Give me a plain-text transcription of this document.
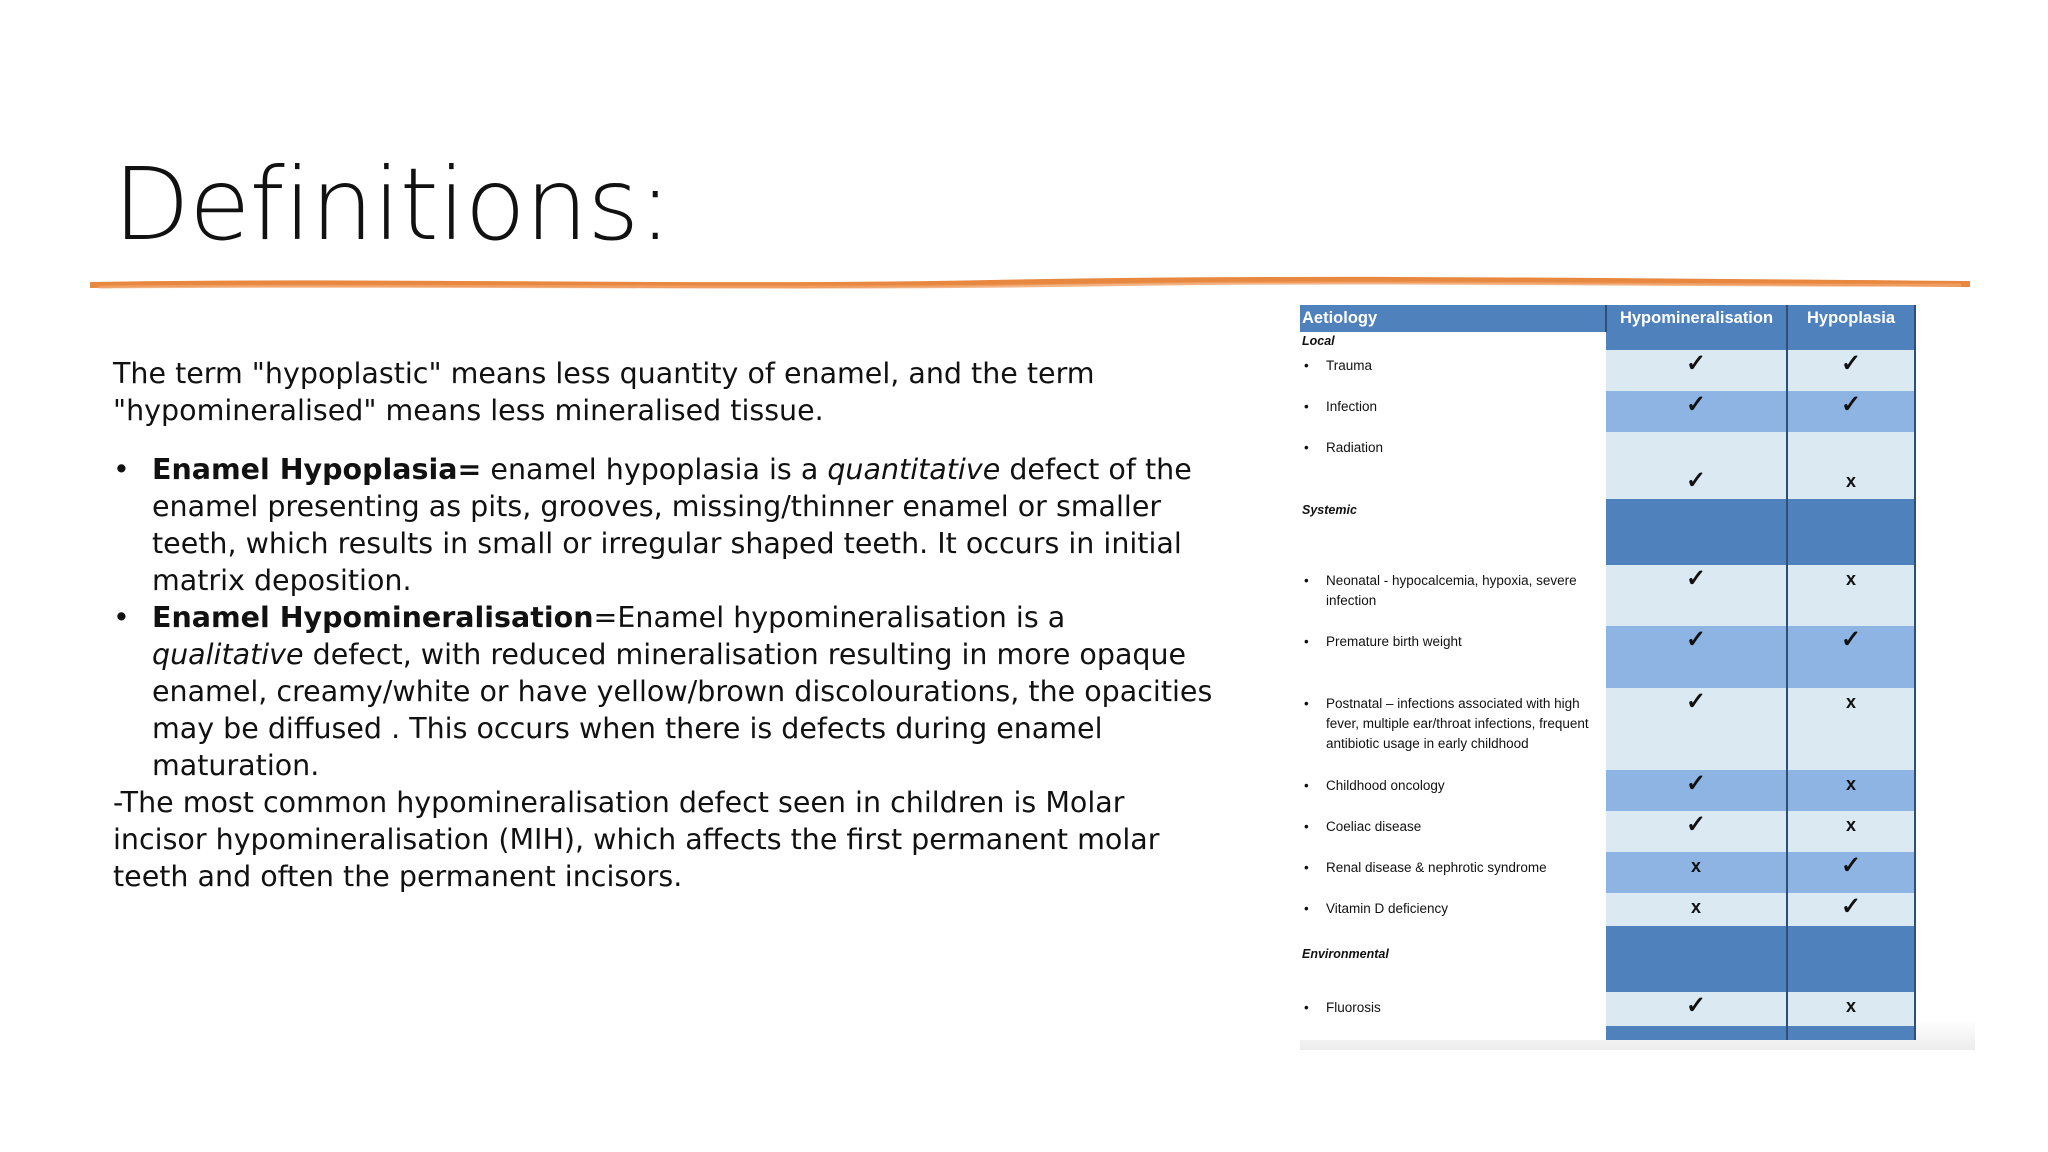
Definitions:

The term "hypoplastic" means less quantity of enamel, and the term "hypomineralised" means less mineralised tissue.

• Enamel Hypoplasia= enamel hypoplasia is a quantitative defect of the enamel presenting as pits, grooves, missing/thinner enamel or smaller teeth, which results in small or irregular shaped teeth. It occurs in initial matrix deposition.

• Enamel Hypomineralisation=Enamel hypomineralisation is a qualitative defect, with reduced mineralisation resulting in more opaque enamel, creamy/white or have yellow/brown discolourations, the opacities may be diffused . This occurs when there is defects during enamel maturation.

-The most common hypomineralisation defect seen in children is Molar incisor hypomineralisation (MIH), which affects the first permanent molar teeth and often the permanent incisors.

Aetiology	Hypomineralisation	Hypoplasia
Local		

• Trauma	✓	✓

• Infection	✓	✓

• Radiation	✓	x
Systemic		

• Neonatal - hypocalcemia, hypoxia, severe infection	✓	x

• Premature birth weight	✓	✓

• Postnatal – infections associated with high fever, multiple ear/throat infections, frequent antibiotic usage in early childhood	✓	x

• Childhood oncology	✓	x

• Coeliac disease	✓	x

• Renal disease & nephrotic syndrome	x	✓

• Vitamin D deficiency	x	✓
Environmental		

• Fluorosis	✓	x
